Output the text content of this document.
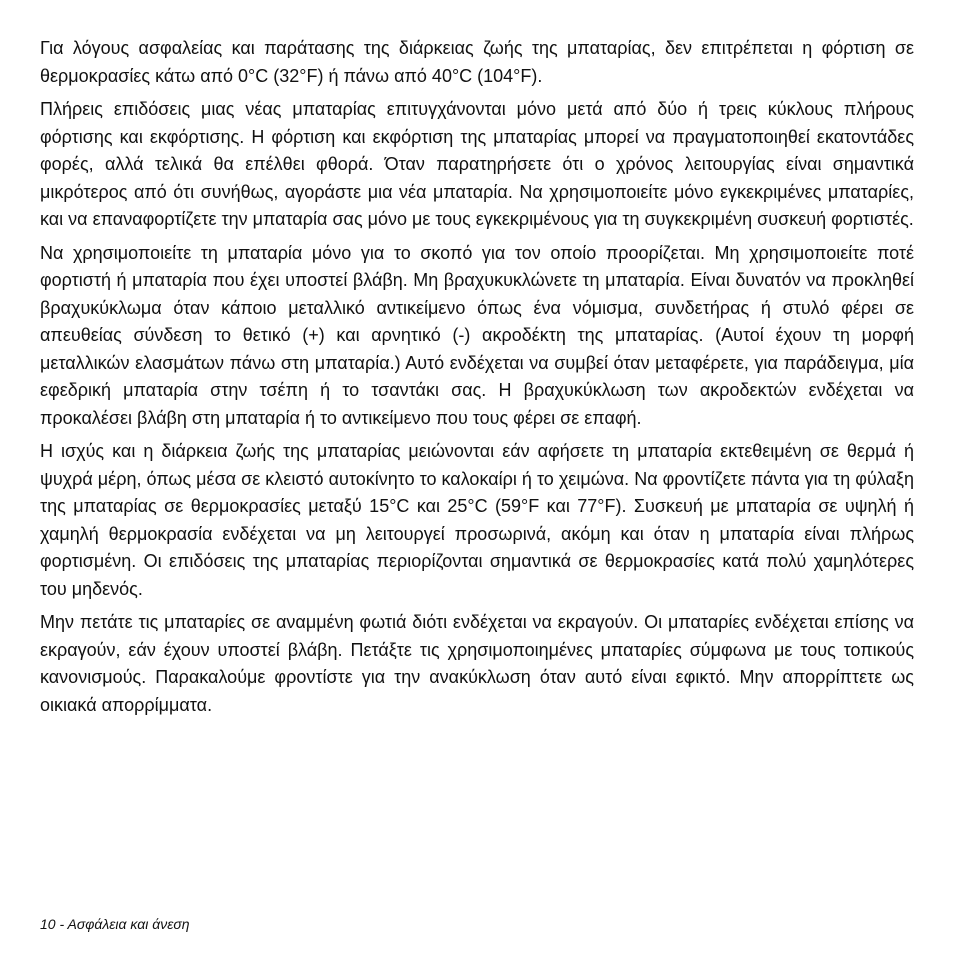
Για λόγους ασφαλείας και παράτασης της διάρκειας ζωής της μπαταρίας, δεν επιτρέπεται η φόρτιση σε θερμοκρασίες κάτω από 0°C (32°F) ή πάνω από 40°C (104°F).

Πλήρεις επιδόσεις μιας νέας μπαταρίας επιτυγχάνονται μόνο μετά από δύο ή τρεις κύκλους πλήρους φόρτισης και εκφόρτισης. Η φόρτιση και εκφόρτιση της μπαταρίας μπορεί να πραγματοποιηθεί εκατοντάδες φορές, αλλά τελικά θα επέλθει φθορά. Όταν παρατηρήσετε ότι ο χρόνος λειτουργίας είναι σημαντικά μικρότερος από ότι συνήθως, αγοράστε μια νέα μπαταρία. Να χρησιμοποιείτε μόνο εγκεκριμένες μπαταρίες, και να επαναφορτίζετε την μπαταρία σας μόνο με τους εγκεκριμένους για τη συγκεκριμένη συσκευή φορτιστές.

Να χρησιμοποιείτε τη μπαταρία μόνο για το σκοπό για τον οποίο προορίζεται. Μη χρησιμοποιείτε ποτέ φορτιστή ή μπαταρία που έχει υποστεί βλάβη. Μη βραχυκυκλώνετε τη μπαταρία. Είναι δυνατόν να προκληθεί βραχυκύκλωμα όταν κάποιο μεταλλικό αντικείμενο όπως ένα νόμισμα, συνδετήρας ή στυλό φέρει σε απευθείας σύνδεση το θετικό (+) και αρνητικό (-) ακροδέκτη της μπαταρίας. (Αυτοί έχουν τη μορφή μεταλλικών ελασμάτων πάνω στη μπαταρία.) Αυτό ενδέχεται να συμβεί όταν μεταφέρετε, για παράδειγμα, μία εφεδρική μπαταρία στην τσέπη ή το τσαντάκι σας. Η βραχυκύκλωση των ακροδεκτών ενδέχεται να προκαλέσει βλάβη στη μπαταρία ή το αντικείμενο που τους φέρει σε επαφή.

Η ισχύς και η διάρκεια ζωής της μπαταρίας μειώνονται εάν αφήσετε τη μπαταρία εκτεθειμένη σε θερμά ή ψυχρά μέρη, όπως μέσα σε κλειστό αυτοκίνητο το καλοκαίρι ή το χειμώνα. Να φροντίζετε πάντα για τη φύλαξη της μπαταρίας σε θερμοκρασίες μεταξύ 15°C και 25°C (59°F και 77°F). Συσκευή με μπαταρία σε υψηλή ή χαμηλή θερμοκρασία ενδέχεται να μη λειτουργεί προσωρινά, ακόμη και όταν η μπαταρία είναι πλήρως φορτισμένη. Οι επιδόσεις της μπαταρίας περιορίζονται σημαντικά σε θερμοκρασίες κατά πολύ χαμηλότερες του μηδενός.

Μην πετάτε τις μπαταρίες σε αναμμένη φωτιά διότι ενδέχεται να εκραγούν. Οι μπαταρίες ενδέχεται επίσης να εκραγούν, εάν έχουν υποστεί βλάβη. Πετάξτε τις χρησιμοποιημένες μπαταρίες σύμφωνα με τους τοπικούς κανονισμούς. Παρακαλούμε φροντίστε για την ανακύκλωση όταν αυτό είναι εφικτό. Μην απορρίπτετε ως οικιακά απορρίμματα.

10 - Ασφάλεια και άνεση
